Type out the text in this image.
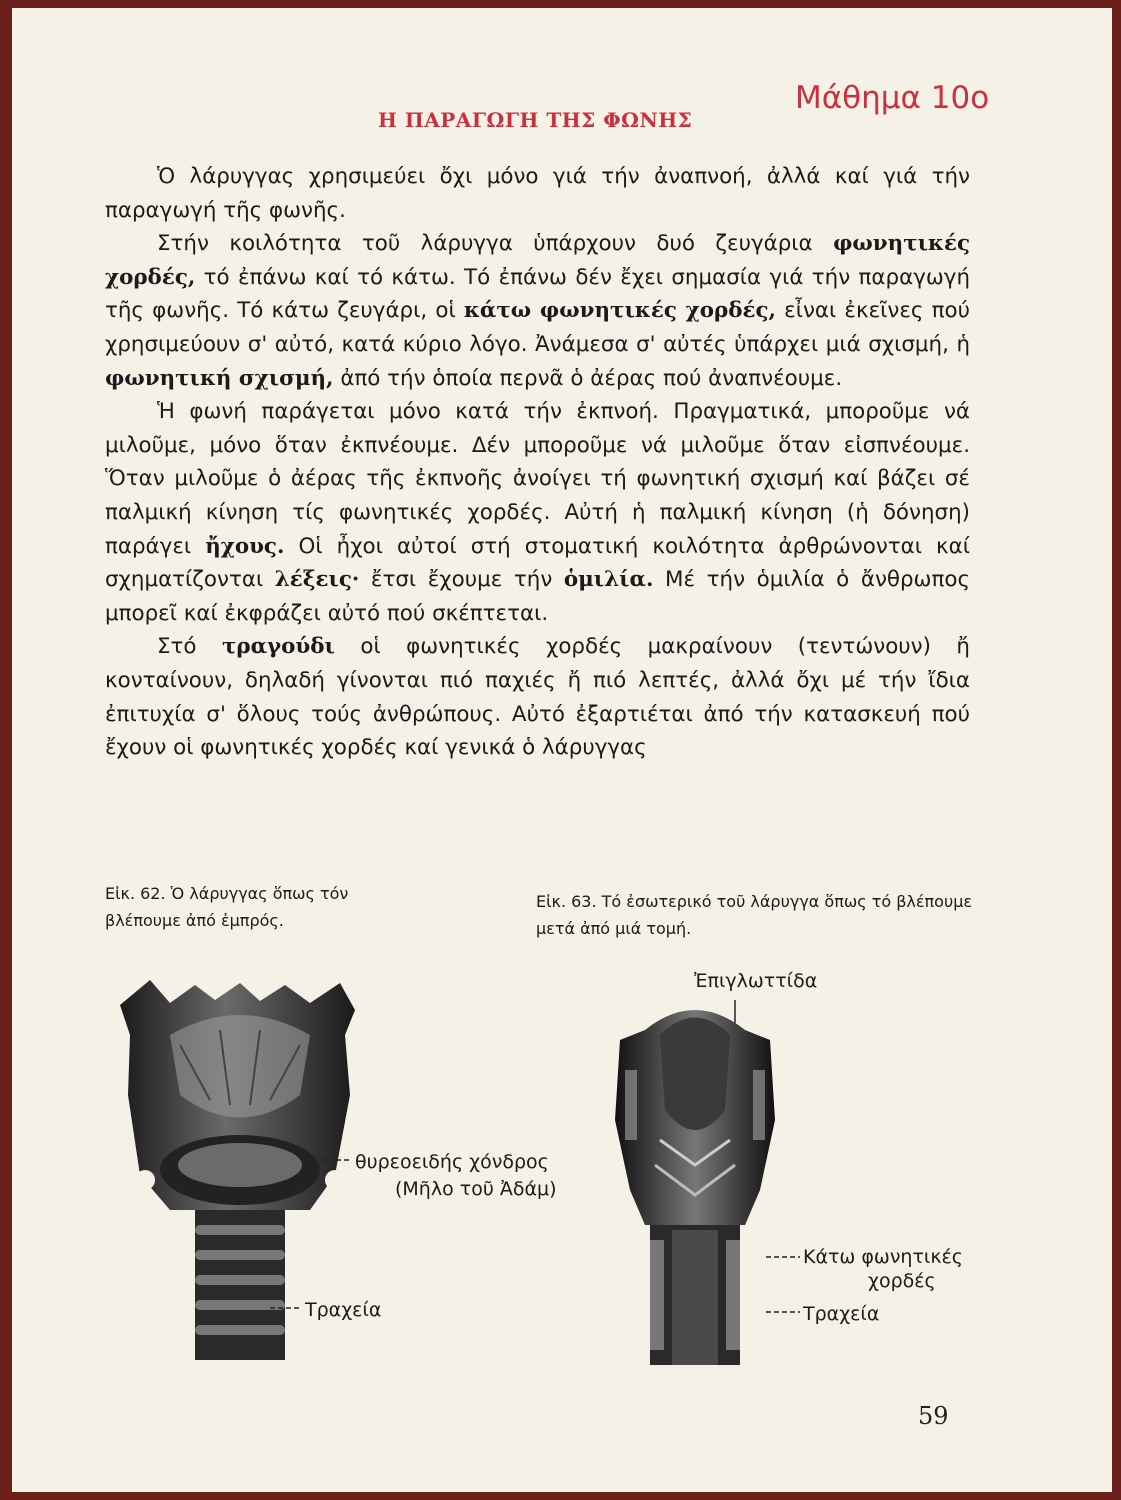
Η ΠΑΡΑΓΩΓΗ ΤΗΣ ΦΩΝΗΣ
Μάθημα 10ο

Ὁ λάρυγγας χρησιμεύει ὄχι μόνο γιά τήν ἀναπνοή, ἀλλά καί γιά τήν παραγωγή τῆς φωνῆς.

Στήν κοιλότητα τοῦ λάρυγγα ὑπάρχουν δυό ζευγάρια φωνητικές χορδές, τό ἐπάνω καί τό κάτω. Τό ἐπάνω δέν ἔχει σημασία γιά τήν παραγωγή τῆς φωνῆς. Τό κάτω ζευγάρι, οἱ κάτω φωνητικές χορδές, εἶναι ἐκεῖνες πού χρησιμεύουν σ' αὐτό, κατά κύριο λόγο. Ἀνάμεσα σ' αὐτές ὑπάρχει μιά σχισμή, ἡ φωνητική σχισμή, ἀπό τήν ὁποία περνᾶ ὁ ἀέρας πού ἀναπνέουμε.

Ἡ φωνή παράγεται μόνο κατά τήν ἐκπνοή. Πραγματικά, μποροῦμε νά μιλοῦμε, μόνο ὅταν ἐκπνέουμε. Δέν μποροῦμε νά μιλοῦμε ὅταν εἰσπνέουμε. Ὅταν μιλοῦμε ὁ ἀέρας τῆς ἐκπνοῆς ἀνοίγει τή φωνητική σχισμή καί βάζει σέ παλμική κίνηση τίς φωνητικές χορδές. Αὐτή ἡ παλμική κίνηση (ἡ δόνηση) παράγει ἤχους. Οἱ ἦχοι αὐτοί στή στοματική κοιλότητα ἀρθρώνονται καί σχηματίζονται λέξεις· ἔτσι ἔχουμε τήν ὁμιλία. Μέ τήν ὁμιλία ὁ ἄνθρωπος μπορεῖ καί ἐκφράζει αὐτό πού σκέπτεται.

Στό τραγούδι οἱ φωνητικές χορδές μακραίνουν (τεντώνουν) ἤ κονταίνουν, δηλαδή γίνονται πιό παχιές ἤ πιό λεπτές, ἀλλά ὄχι μέ τήν ἴδια ἐπιτυχία σ' ὅλους τούς ἀνθρώπους. Αὐτό ἐξαρτιέται ἀπό τήν κατασκευή πού ἔχουν οἱ φωνητικές χορδές καί γενικά ὁ λάρυγγας

Εἰκ. 62. Ὁ λάρυγγας ὅπως τόν βλέπουμε ἀπό ἐμπρός.
Εἰκ. 63. Τό ἐσωτερικό τοῦ λάρυγγα ὅπως τό βλέπουμε μετά ἀπό μιά τομή.
θυρεοειδής χόνδρος
(Μῆλο τοῦ Ἀδάμ)
Τραχεία
Ἐπιγλωττίδα
Κάτω φωνητικές
χορδές
Τραχεία
59
